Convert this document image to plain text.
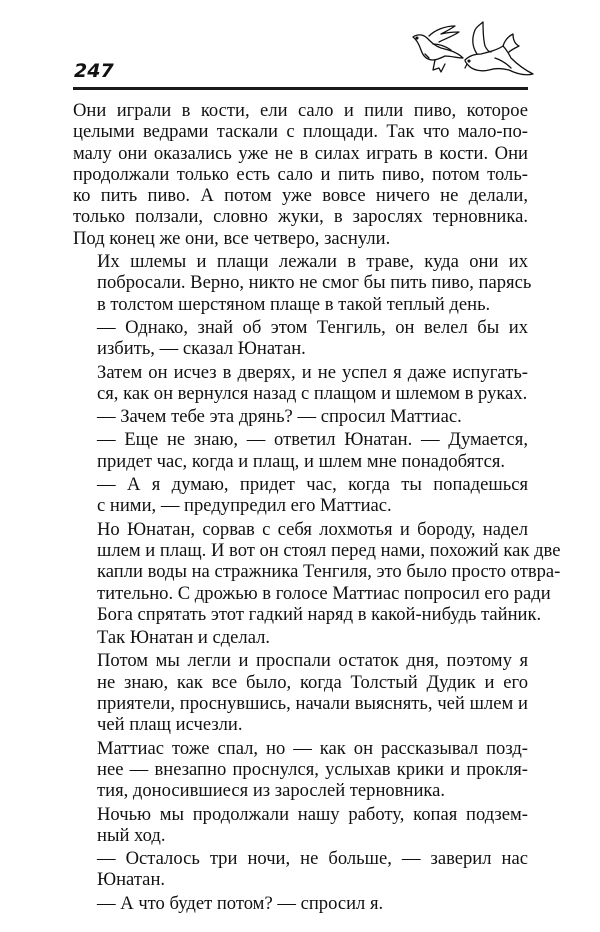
247
Они играли в кости, ели сало и пили пиво, которое
целыми ведрами таскали с площади. Так что мало-по-
малу они оказались уже не в силах играть в кости. Они
продолжали только есть сало и пить пиво, потом толь-
ко пить пиво. А потом уже вовсе ничего не делали,
только ползали, словно жуки, в зарослях терновника.
Под конец же они, все четверо, заснули.
Их шлемы и плащи лежали в траве, куда они их
побросали. Верно, никто не смог бы пить пиво, парясь
в толстом шерстяном плаще в такой теплый день.
— Однако, знай об этом Тенгиль, он велел бы их
избить, — сказал Юнатан.
Затем он исчез в дверях, и не успел я даже испугать-
ся, как он вернулся назад с плащом и шлемом в руках.
— Зачем тебе эта дрянь? — спросил Маттиас.
— Еще не знаю, — ответил Юнатан. — Думается,
придет час, когда и плащ, и шлем мне понадобятся.
— А я думаю, придет час, когда ты попадешься
с ними, — предупредил его Маттиас.
Но Юнатан, сорвав с себя лохмотья и бороду, надел
шлем и плащ. И вот он стоял перед нами, похожий как две
капли воды на стражника Тенгиля, это было просто отвра-
тительно. С дрожью в голосе Маттиас попросил его ради
Бога спрятать этот гадкий наряд в какой-нибудь тайник.
Так Юнатан и сделал.
Потом мы легли и проспали остаток дня, поэтому я
не знаю, как все было, когда Толстый Дудик и его
приятели, проснувшись, начали выяснять, чей шлем и
чей плащ исчезли.
Маттиас тоже спал, но — как он рассказывал позд-
нее — внезапно проснулся, услыхав крики и прокля-
тия, доносившиеся из зарослей терновника.
Ночью мы продолжали нашу работу, копая подзем-
ный ход.
— Осталось три ночи, не больше, — заверил нас
Юнатан.
— А что будет потом? — спросил я.
